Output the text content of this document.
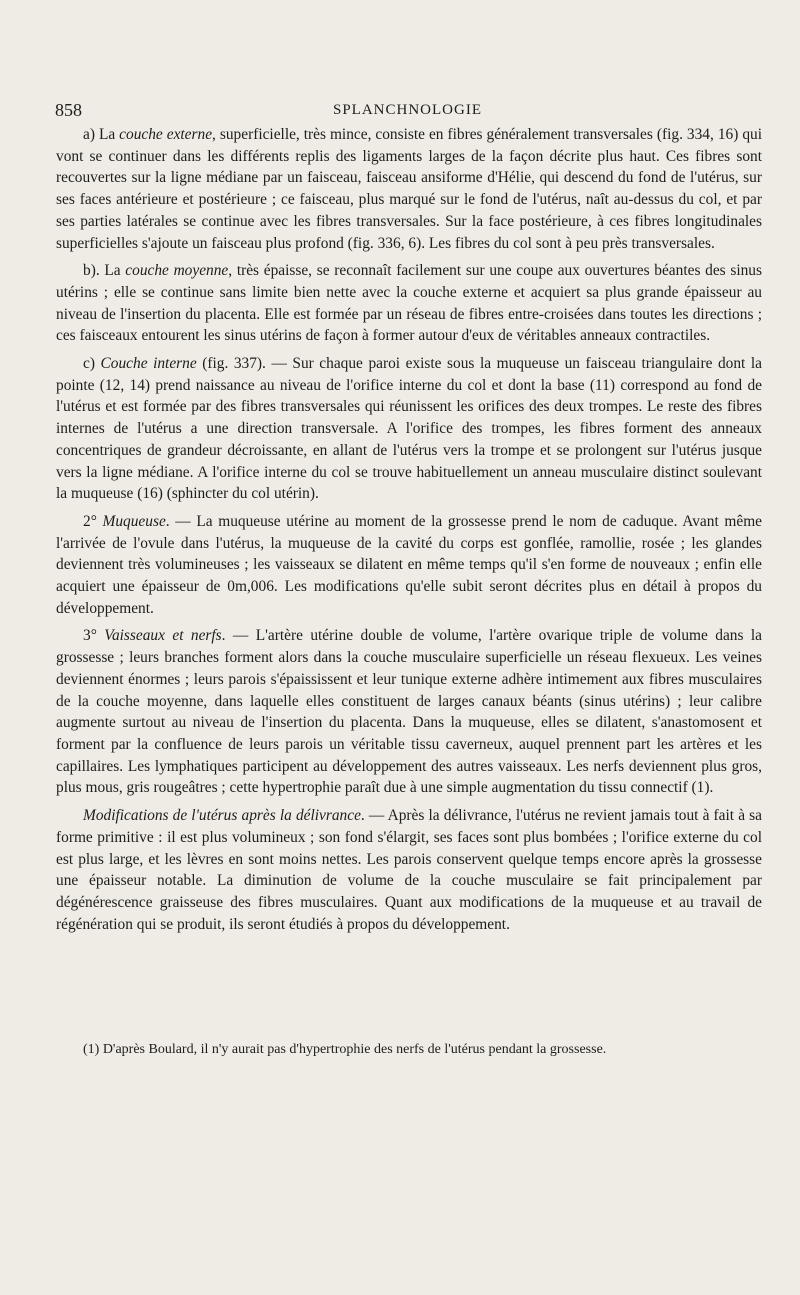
858	SPLANCHNOLOGIE

a) La couche externe, superficielle, très mince, consiste en fibres généralement transversales (fig. 334, 16) qui vont se continuer dans les différents replis des ligaments larges de la façon décrite plus haut. Ces fibres sont recouvertes sur la ligne médiane par un faisceau, faisceau ansiforme d'Hélie, qui descend du fond de l'utérus, sur ses faces antérieure et postérieure ; ce faisceau, plus marqué sur le fond de l'utérus, naît au-dessus du col, et par ses parties latérales se continue avec les fibres transversales. Sur la face postérieure, à ces fibres longitudinales superficielles s'ajoute un faisceau plus profond (fig. 336, 6). Les fibres du col sont à peu près transversales.

b). La couche moyenne, très épaisse, se reconnaît facilement sur une coupe aux ouvertures béantes des sinus utérins ; elle se continue sans limite bien nette avec la couche externe et acquiert sa plus grande épaisseur au niveau de l'insertion du placenta. Elle est formée par un réseau de fibres entre-croisées dans toutes les directions ; ces faisceaux entourent les sinus utérins de façon à former autour d'eux de véritables anneaux contractiles.

c) Couche interne (fig. 337). — Sur chaque paroi existe sous la muqueuse un faisceau triangulaire dont la pointe (12, 14) prend naissance au niveau de l'orifice interne du col et dont la base (11) correspond au fond de l'utérus et est formée par des fibres transversales qui réunissent les orifices des deux trompes. Le reste des fibres internes de l'utérus a une direction transversale. A l'orifice des trompes, les fibres forment des anneaux concentriques de grandeur décroissante, en allant de l'utérus vers la trompe et se prolongent sur l'utérus jusque vers la ligne médiane. A l'orifice interne du col se trouve habituellement un anneau musculaire distinct soulevant la muqueuse (16) (sphincter du col utérin).

2° Muqueuse. — La muqueuse utérine au moment de la grossesse prend le nom de caduque. Avant même l'arrivée de l'ovule dans l'utérus, la muqueuse de la cavité du corps est gonflée, ramollie, rosée ; les glandes deviennent très volumineuses ; les vaisseaux se dilatent en même temps qu'il s'en forme de nouveaux ; enfin elle acquiert une épaisseur de 0m,006. Les modifications qu'elle subit seront décrites plus en détail à propos du développement.

3° Vaisseaux et nerfs. — L'artère utérine double de volume, l'artère ovarique triple de volume dans la grossesse ; leurs branches forment alors dans la couche musculaire superficielle un réseau flexueux. Les veines deviennent énormes ; leurs parois s'épaississent et leur tunique externe adhère intimement aux fibres musculaires de la couche moyenne, dans laquelle elles constituent de larges canaux béants (sinus utérins) ; leur calibre augmente surtout au niveau de l'insertion du placenta. Dans la muqueuse, elles se dilatent, s'anastomosent et forment par la confluence de leurs parois un véritable tissu caverneux, auquel prennent part les artères et les capillaires. Les lymphatiques participent au développement des autres vaisseaux. Les nerfs deviennent plus gros, plus mous, gris rougeâtres ; cette hypertrophie paraît due à une simple augmentation du tissu connectif (1).

Modifications de l'utérus après la délivrance. — Après la délivrance, l'utérus ne revient jamais tout à fait à sa forme primitive : il est plus volumineux ; son fond s'élargit, ses faces sont plus bombées ; l'orifice externe du col est plus large, et les lèvres en sont moins nettes. Les parois conservent quelque temps encore après la grossesse une épaisseur notable. La diminution de volume de la couche musculaire se fait principalement par dégénérescence graisseuse des fibres musculaires. Quant aux modifications de la muqueuse et au travail de régénération qui se produit, ils seront étudiés à propos du développement.

(1) D'après Boulard, il n'y aurait pas d'hypertrophie des nerfs de l'utérus pendant la grossesse.
